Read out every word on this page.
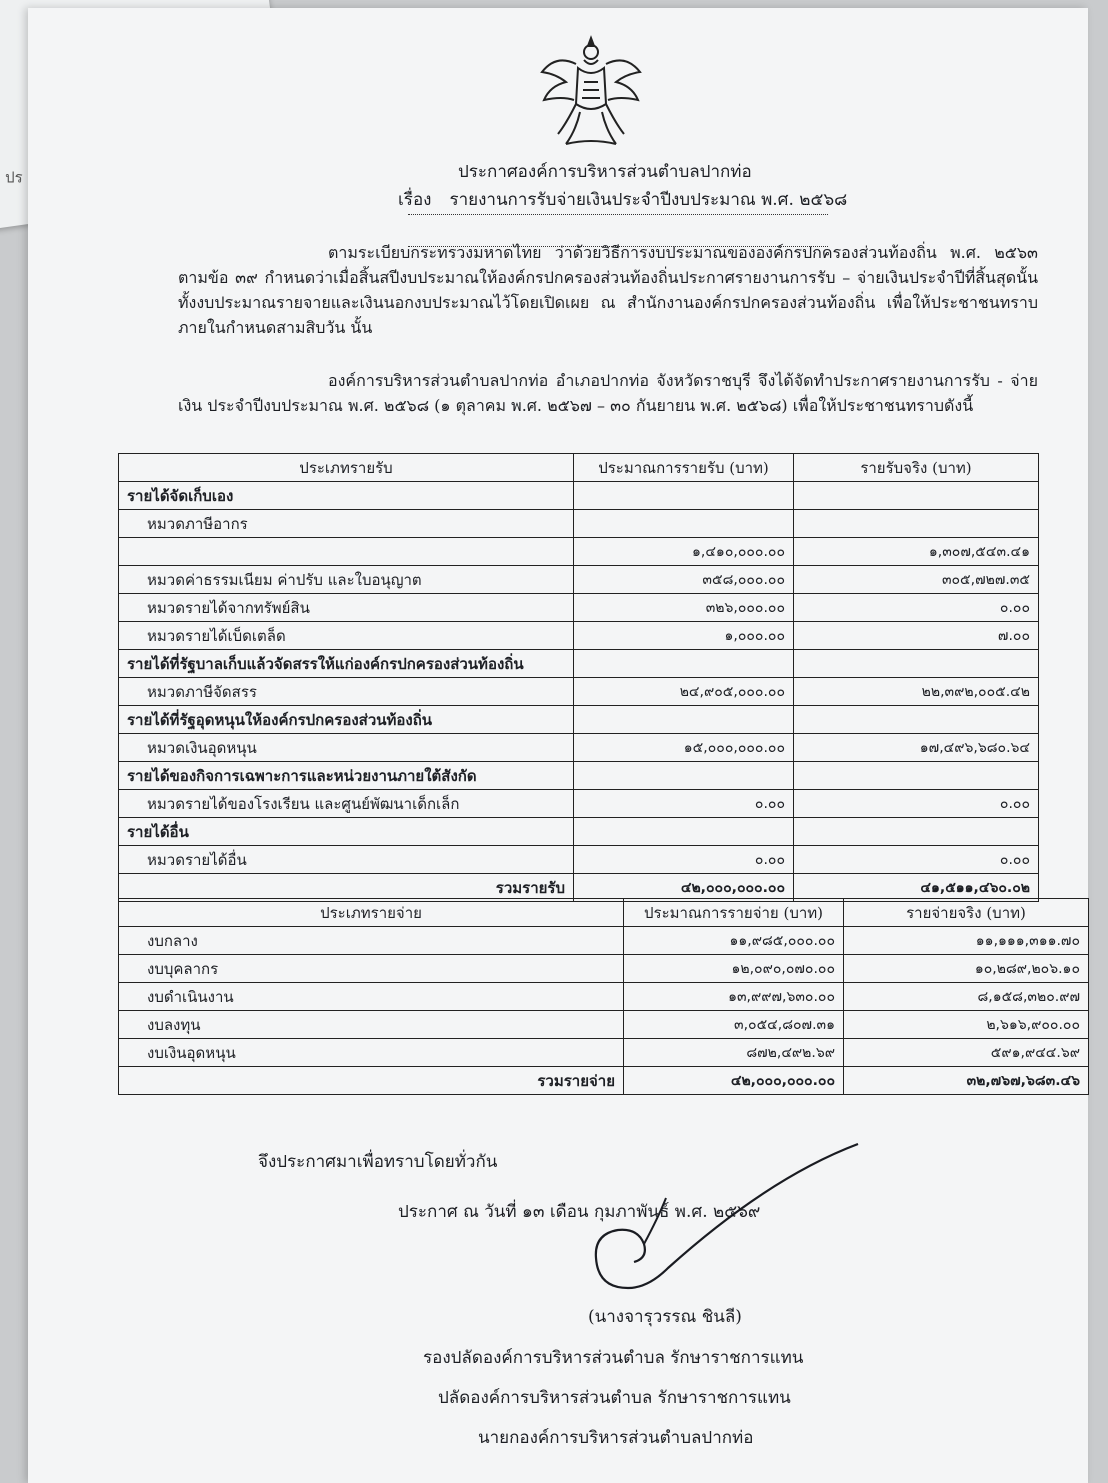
ปร	ประกาศองค์การบริหารส่วนตำบลปากท่อ
เรื่อง รายงานการรับจ่ายเงินประจำปีงบประมาณ พ.ศ. ๒๕๖๘
ตามระเบียบกระทรวงมหาดไทย ว่าด้วยวิธีการงบประมาณขององค์กรปกครองส่วนท้องถิ่น พ.ศ. ๒๕๖๓ ตามข้อ ๓๙ กำหนดว่าเมื่อสิ้นสปีงบประมาณให้องค์กรปกครองส่วนท้องถิ่นประกาศรายงานการรับ – จ่ายเงินประจำปีที่สิ้นสุดนั้น ทั้งงบประมาณรายจายและเงินนอกงบประมาณไว้โดยเปิดเผย ณ สำนักงานองค์กรปกครองส่วนท้องถิ่น เพื่อให้ประชาชนทราบภายในกำหนดสามสิบวัน นั้น
องค์การบริหารส่วนตำบลปากท่อ อำเภอปากท่อ จังหวัดราชบุรี จึงได้จัดทำประกาศรายงานการรับ - จ่ายเงิน ประจำปีงบประมาณ พ.ศ. ๒๕๖๘ (๑ ตุลาคม พ.ศ. ๒๕๖๗ – ๓๐ กันยายน พ.ศ. ๒๕๖๘) เพื่อให้ประชาชนทราบดังนี้
ประเภทรายรับ	ประมาณการรายรับ (บาท)	รายรับจริง (บาท)
รายได้จัดเก็บเอง		
หมวดภาษีอากร		
	๑,๔๑๐,๐๐๐.๐๐	๑,๓๐๗,๕๔๓.๔๑
หมวดค่าธรรมเนียม ค่าปรับ และใบอนุญาต	๓๕๘,๐๐๐.๐๐	๓๐๕,๗๒๗.๓๕
หมวดรายได้จากทรัพย์สิน	๓๒๖,๐๐๐.๐๐	๐.๐๐
หมวดรายได้เบ็ดเตล็ด	๑,๐๐๐.๐๐	๗.๐๐
รายได้ที่รัฐบาลเก็บแล้วจัดสรรให้แก่องค์กรปกครองส่วนท้องถิ่น		
หมวดภาษีจัดสรร	๒๔,๙๐๕,๐๐๐.๐๐	๒๒,๓๙๒,๐๐๕.๔๒
รายได้ที่รัฐอุดหนุนให้องค์กรปกครองส่วนท้องถิ่น		
หมวดเงินอุดหนุน	๑๕,๐๐๐,๐๐๐.๐๐	๑๗,๔๙๖,๖๘๐.๖๔
รายได้ของกิจการเฉพาะการและหน่วยงานภายใต้สังกัด		
หมวดรายได้ของโรงเรียน และศูนย์พัฒนาเด็กเล็ก	๐.๐๐	๐.๐๐
รายได้อื่น		
หมวดรายได้อื่น	๐.๐๐	๐.๐๐
รวมรายรับ	๔๒,๐๐๐,๐๐๐.๐๐	๔๑,๕๑๑,๔๖๐.๐๒
ประเภทรายจ่าย	ประมาณการรายจ่าย (บาท)	รายจ่ายจริง (บาท)
งบกลาง	๑๑,๙๘๕,๐๐๐.๐๐	๑๑,๑๑๑,๓๑๑.๗๐
งบบุคลากร	๑๒,๐๙๐,๐๗๐.๐๐	๑๐,๒๘๙,๒๐๖.๑๐
งบดำเนินงาน	๑๓,๙๙๗,๖๓๐.๐๐	๘,๑๕๘,๓๒๐.๙๗
งบลงทุน	๓,๐๕๔,๘๐๗.๓๑	๒,๖๑๖,๙๐๐.๐๐
งบเงินอุดหนุน	๘๗๒,๔๙๒.๖๙	๕๙๑,๙๔๔.๖๙
รวมรายจ่าย	๔๒,๐๐๐,๐๐๐.๐๐	๓๒,๗๖๗,๖๘๓.๔๖
จึงประกาศมาเพื่อทราบโดยทั่วกัน
ประกาศ ณ วันที่ ๑๓ เดือน กุมภาพันธ์ พ.ศ. ๒๕๖๙
(นางจารุวรรณ ชินลี)
รองปลัดองค์การบริหารส่วนตำบล รักษาราชการแทน
ปลัดองค์การบริหารส่วนตำบล รักษาราชการแทน
นายกองค์การบริหารส่วนตำบลปากท่อ
